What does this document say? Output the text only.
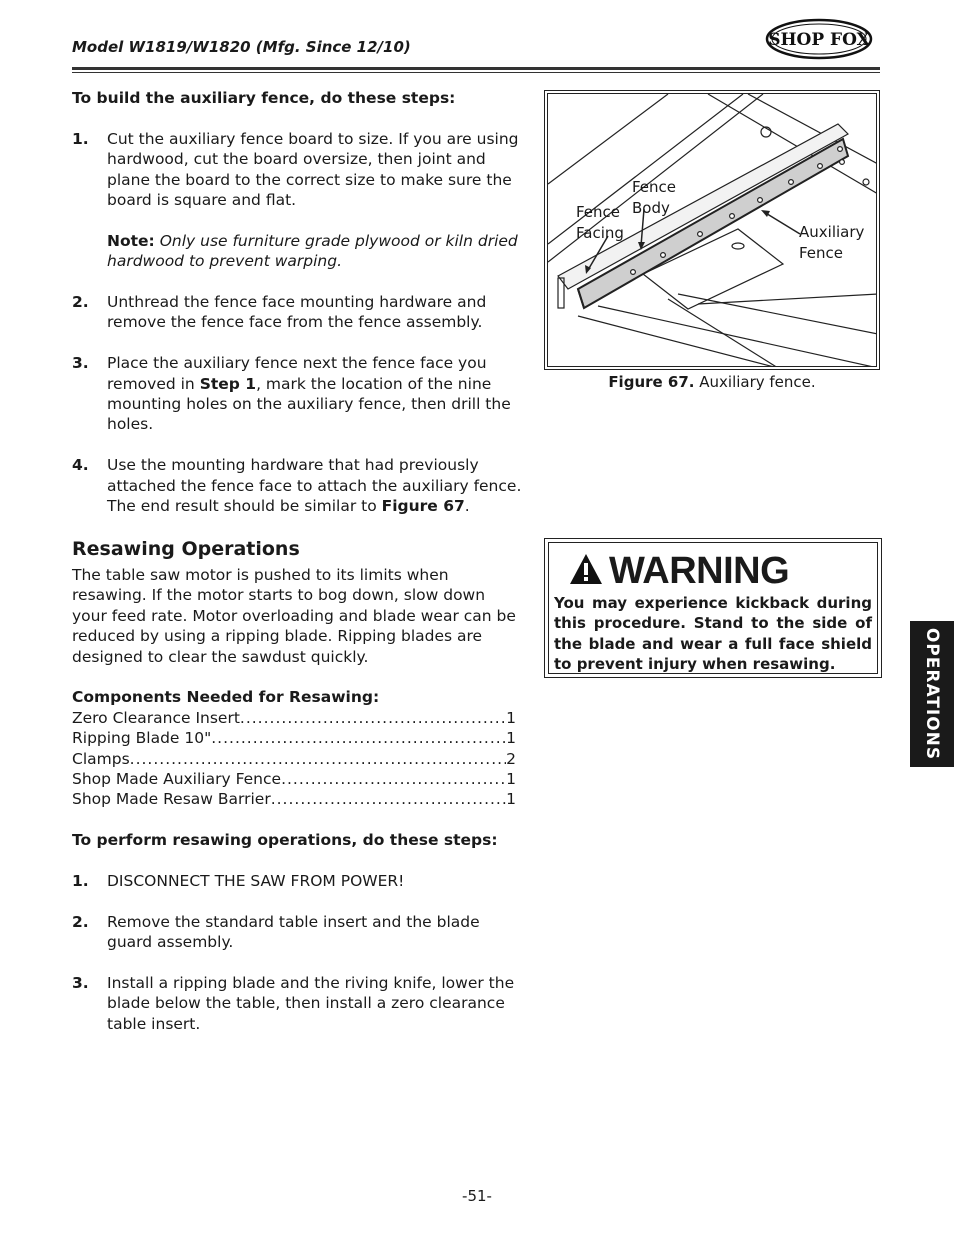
Model W1819/W1820 (Mfg. Since 12/10)	SHOP FOX

To build the auxiliary fence, do these steps:

1. Cut the auxiliary fence board to size. If you are using hardwood, cut the board oversize, then joint and plane the board to the correct size to make sure the board is square and flat.
Note: Only use furniture grade plywood or kiln dried hardwood to prevent warping.
2. Unthread the fence face mounting hardware and remove the fence face from the fence assembly.
3. Place the auxiliary fence next the fence face you removed in Step 1, mark the location of the nine mounting holes on the auxiliary fence, then drill the holes.
4. Use the mounting hardware that had previously attached the fence face to attach the auxiliary fence. The end result should be similar to Figure 67.

Resawing Operations

The table saw motor is pushed to its limits when resawing. If the motor starts to bog down, slow down your feed rate. Motor overloading and blade wear can be reduced by using a ripping blade. Ripping blades are designed to clear the sawdust quickly.

Components Needed for Resawing:

Zero Clearance Insert .....	1
Ripping Blade 10" .....	1
Clamps .....	2
Shop Made Auxiliary Fence .....	1
Shop Made Resaw Barrier .....	1

To perform resawing operations, do these steps:

1. DISCONNECT THE SAW FROM POWER!
2. Remove the standard table insert and the blade guard assembly.
3. Install a ripping blade and the riving knife, lower the blade below the table, then install a zero clearance table insert.
Fence
Body
Fence
Facing	Auxiliary
Fence
Figure 67. Auxiliary fence.
WARNING
You may experience kickback during this procedure. Stand to the side of the blade and wear a full face shield to prevent injury when resawing.	OPERATIONS
-51-
